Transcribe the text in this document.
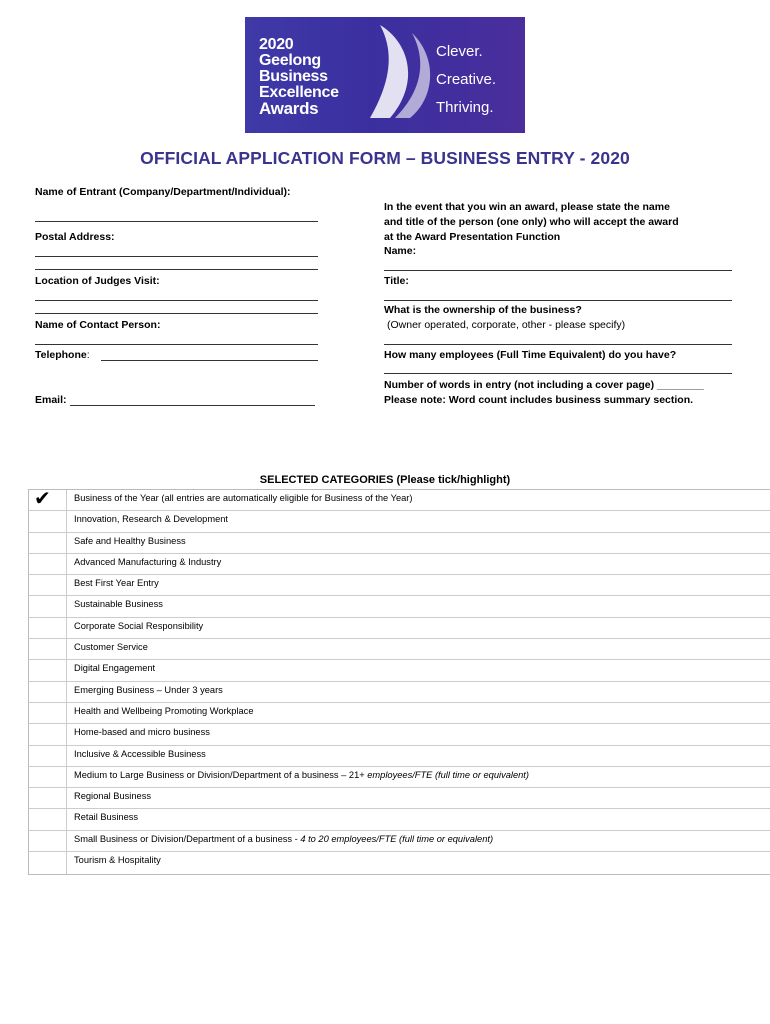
2020
Geelong
Business
Excellence
Awards
Clever.
Creative.
Thriving.
OFFICIAL APPLICATION FORM – BUSINESS ENTRY - 2020
Name of Entrant (Company/Department/Individual):
Postal Address:
Location of Judges Visit:
Name of Contact Person:
Telephone:
Email:
In the event that you win an award, please state the name
and title of the person (one only) who will accept the award
at the Award Presentation Function
Name:
Title:
What is the ownership of the business?
(Owner operated, corporate, other - please specify)
How many employees (Full Time Equivalent) do you have?
Number of words in entry (not including a cover page) ________
Please note: Word count includes business summary section.
SELECTED CATEGORIES (Please tick/highlight)
✔	Business of the Year (all entries are automatically eligible for Business of the Year)
Innovation, Research & Development
Safe and Healthy Business
Advanced Manufacturing & Industry
Best First Year Entry
Sustainable Business
Corporate Social Responsibility
Customer Service
Digital Engagement
Emerging Business – Under 3 years
Health and Wellbeing Promoting Workplace
Home-based and micro business
Inclusive & Accessible Business
Medium to Large Business or Division/Department of a business – 21+ employees/FTE (full time or equivalent)
Regional Business
Retail Business
Small Business or Division/Department of a business - 4 to 20 employees/FTE (full time or equivalent)
Tourism & Hospitality
